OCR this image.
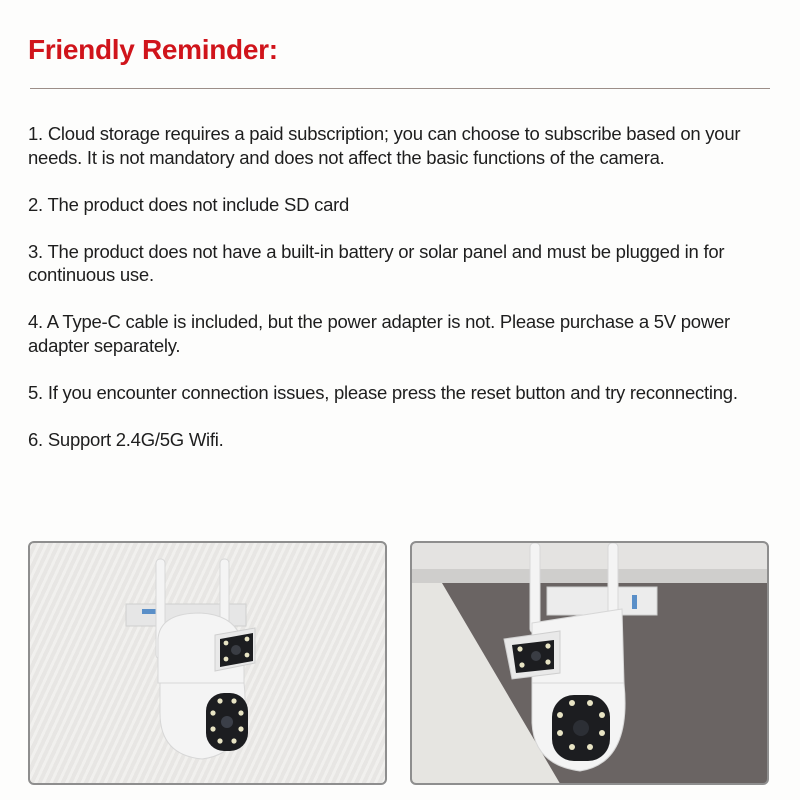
Friendly Reminder:

1. Cloud storage requires a paid subscription; you can choose to subscribe based on your needs. It is not mandatory and does not affect the basic functions of the camera.

2. The product does not include SD card

3. The product does not have a built-in battery or solar panel and must be plugged in for continuous use.

4. A Type-C cable is included, but the power adapter is not. Please purchase a 5V power adapter separately.

5. If you encounter connection issues, please press the reset button and try reconnecting.

6. Support 2.4G/5G Wifi.
